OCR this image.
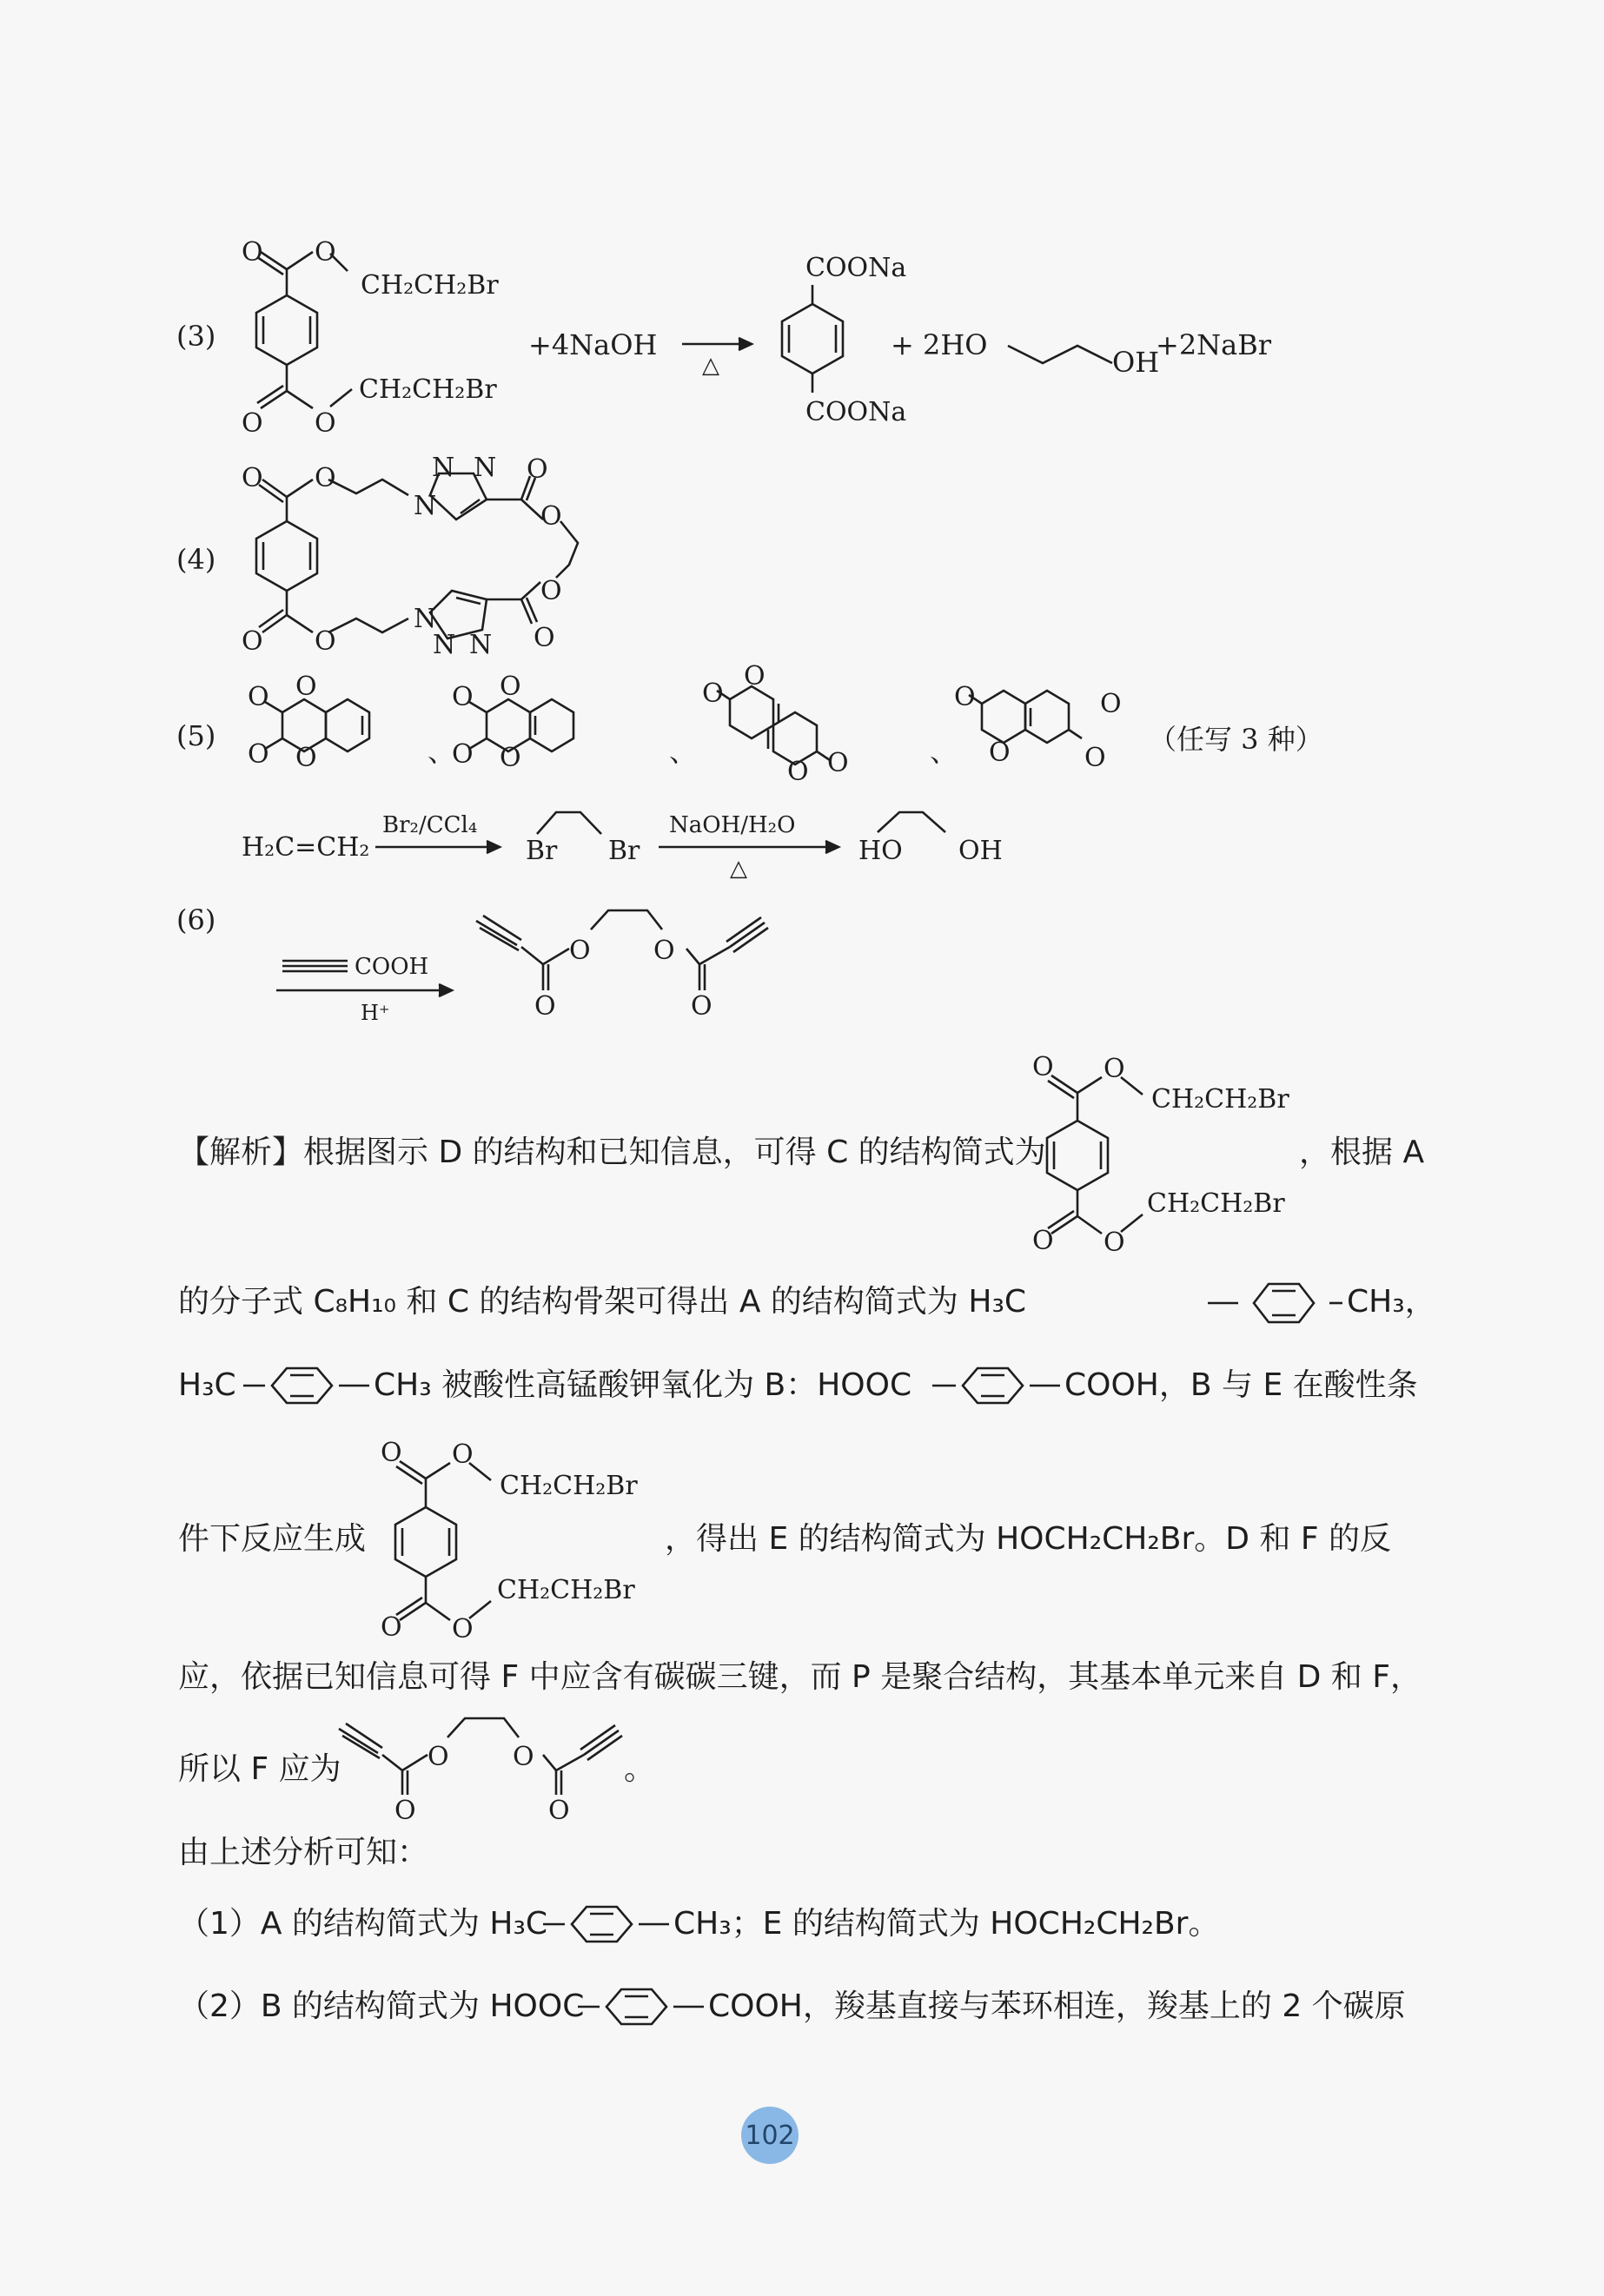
(3)
O O
O O
CH₂CH₂Br
CH₂CH₂Br
COONa
COONa
+4NaOH
△
+ 2HO
OH
+2NaBr
(4)
O O
O O
N
N N O
O
N
N N O
O
(5)
O
O
O
O
O
O
O
O
O
O
O O
O
O
O
O
、	、	、	（任写 3 种）
H₂C=CH₂
Br₂/CCl₄
Br Br
NaOH/H₂O
△
HO OH
(6)
COOH
H⁺
O
O
O
O
【解析】根据图示 D 的结构和已知信息，可得 C 的结构简式为
O O
O O
CH₂CH₂Br
CH₂CH₂Br
，根据 A
的分子式 C₈H₁₀ 和 C 的结构骨架可得出 A 的结构简式为 H₃C	CH₃，
H₃C	CH₃ 被酸性高锰酸钾氧化为 B：HOOC	COOH，B 与 E 在酸性条
件下反应生成
O O
O O
CH₂CH₂Br
CH₂CH₂Br
，得出 E 的结构简式为 HOCH₂CH₂Br。D 和 F 的反
应，依据已知信息可得 F 中应含有碳碳三键，而 P 是聚合结构，其基本单元来自 D 和 F，
所以 F 应为	O
O
O
O
。
由上述分析可知：
（1）A 的结构简式为 H₃C	CH₃；E 的结构简式为 HOCH₂CH₂Br。
（2）B 的结构简式为 HOOC	COOH，羧基直接与苯环相连，羧基上的 2 个碳原
102
